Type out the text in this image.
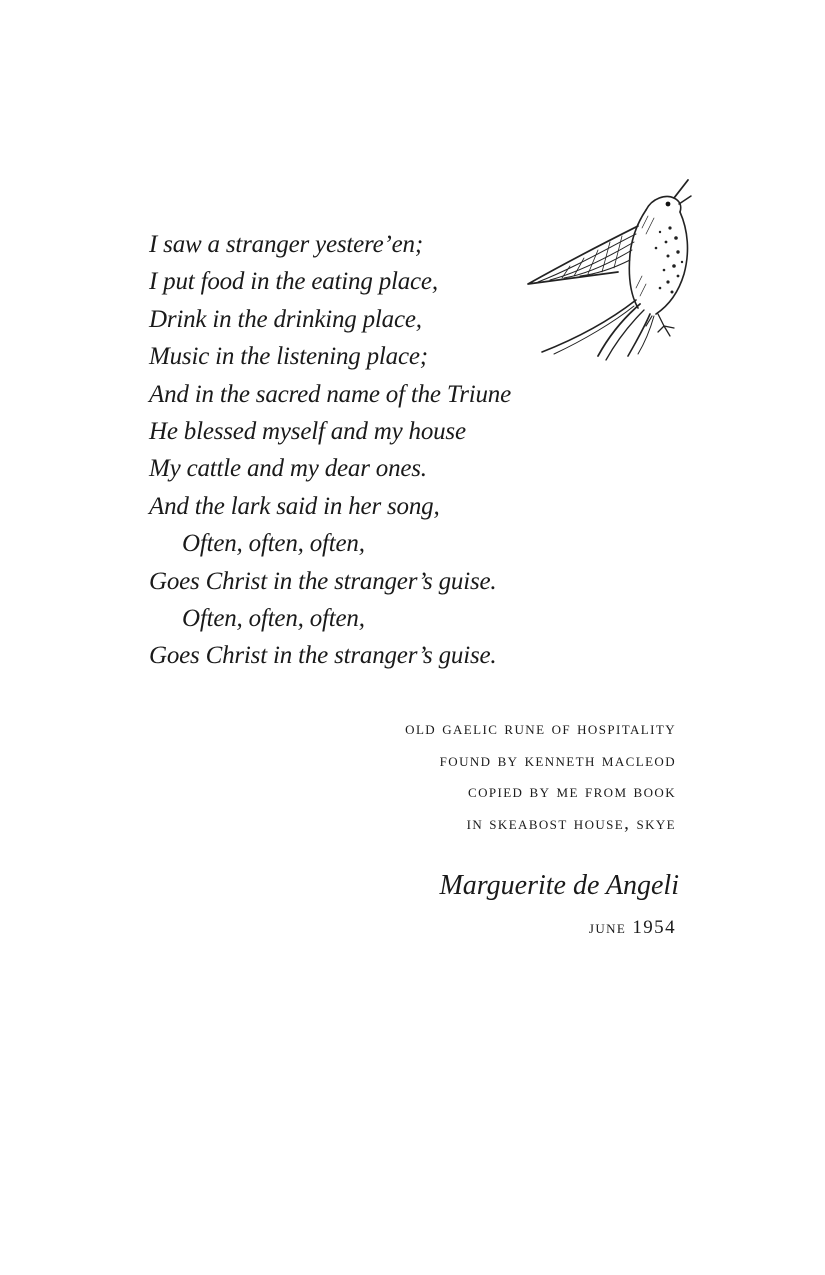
I saw a stranger yestere’en;
I put food in the eating place,
Drink in the drinking place,
Music in the listening place;
And in the sacred name of the Triune
He blessed myself and my house
My cattle and my dear ones.
And the lark said in her song,
Often, often, often,
Goes Christ in the stranger’s guise.
Often, often, often,
Goes Christ in the stranger’s guise.
old gaelic rune of hospitality
found by kenneth macleod
copied by me from book
in skeabost house, skye
Marguerite de Angeli
june 1954
